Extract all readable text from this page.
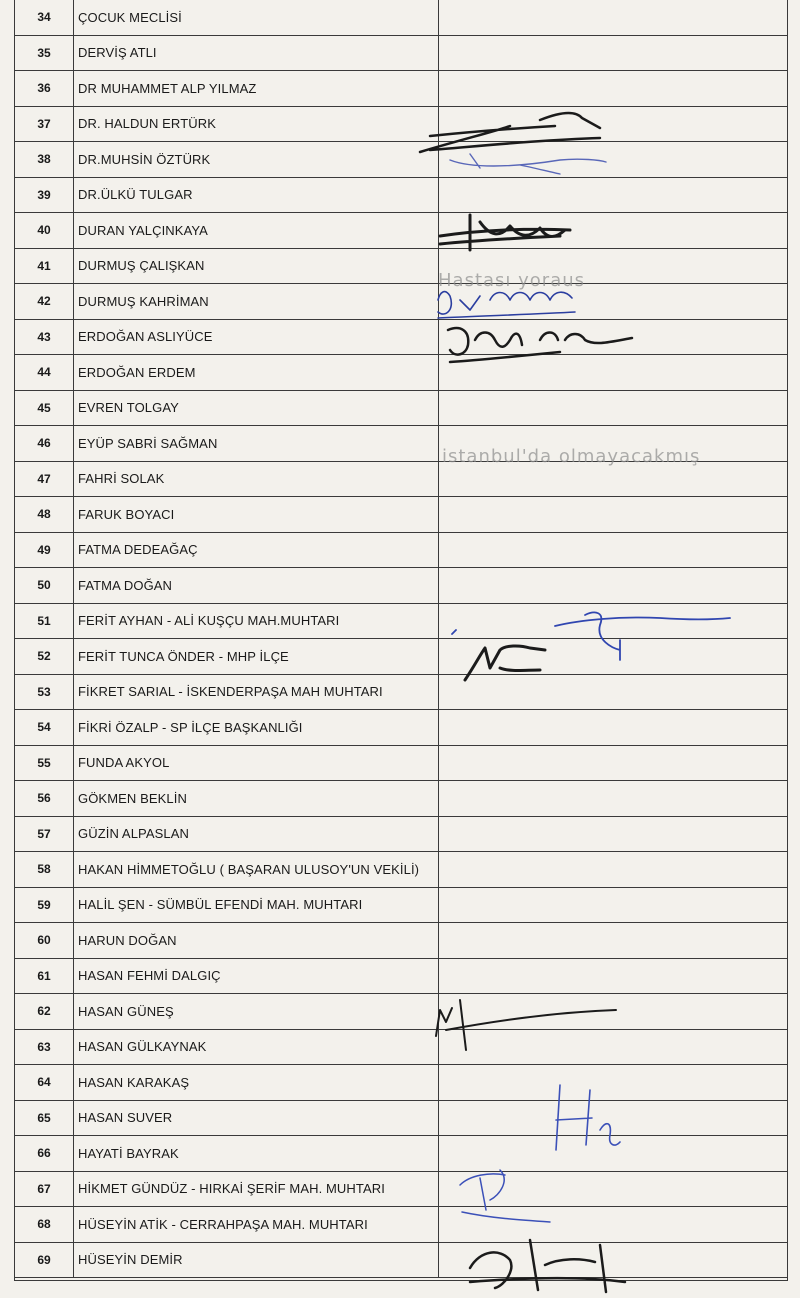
34	ÇOCUK MECLİSİ
35	DERVİŞ ATLI
36	DR MUHAMMET ALP YILMAZ
37	DR. HALDUN ERTÜRK
38	DR.MUHSİN ÖZTÜRK
39	DR.ÜLKÜ TULGAR
40	DURAN YALÇINKAYA
41	DURMUŞ ÇALIŞKAN
42	DURMUŞ KAHRİMAN
43	ERDOĞAN ASLIYÜCE
44	ERDOĞAN ERDEM
45	EVREN TOLGAY
46	EYÜP SABRİ SAĞMAN
47	FAHRİ SOLAK
48	FARUK BOYACI
49	FATMA DEDEAĞAÇ
50	FATMA DOĞAN
51	FERİT AYHAN - ALİ KUŞÇU MAH.MUHTARI
52	FERİT TUNCA ÖNDER - MHP İLÇE
53	FİKRET SARIAL - İSKENDERPAŞA MAH MUHTARI
54	FİKRİ ÖZALP - SP İLÇE BAŞKANLIĞI
55	FUNDA AKYOL
56	GÖKMEN BEKLİN
57	GÜZİN ALPASLAN
58	HAKAN HİMMETOĞLU ( BAŞARAN ULUSOY'UN VEKİLİ)
59	HALİL ŞEN - SÜMBÜL EFENDİ MAH. MUHTARI
60	HARUN DOĞAN
61	HASAN FEHMİ DALGIÇ
62	HASAN GÜNEŞ
63	HASAN GÜLKAYNAK
64	HASAN KARAKAŞ
65	HASAN SUVER
66	HAYATİ BAYRAK
67	HİKMET GÜNDÜZ - HIRKAİ ŞERİF MAH. MUHTARI
68	HÜSEYİN ATİK - CERRAHPAŞA MAH. MUHTARI
69	HÜSEYİN DEMİR
Hastası yoraus
istanbul'da olmayacakmış
